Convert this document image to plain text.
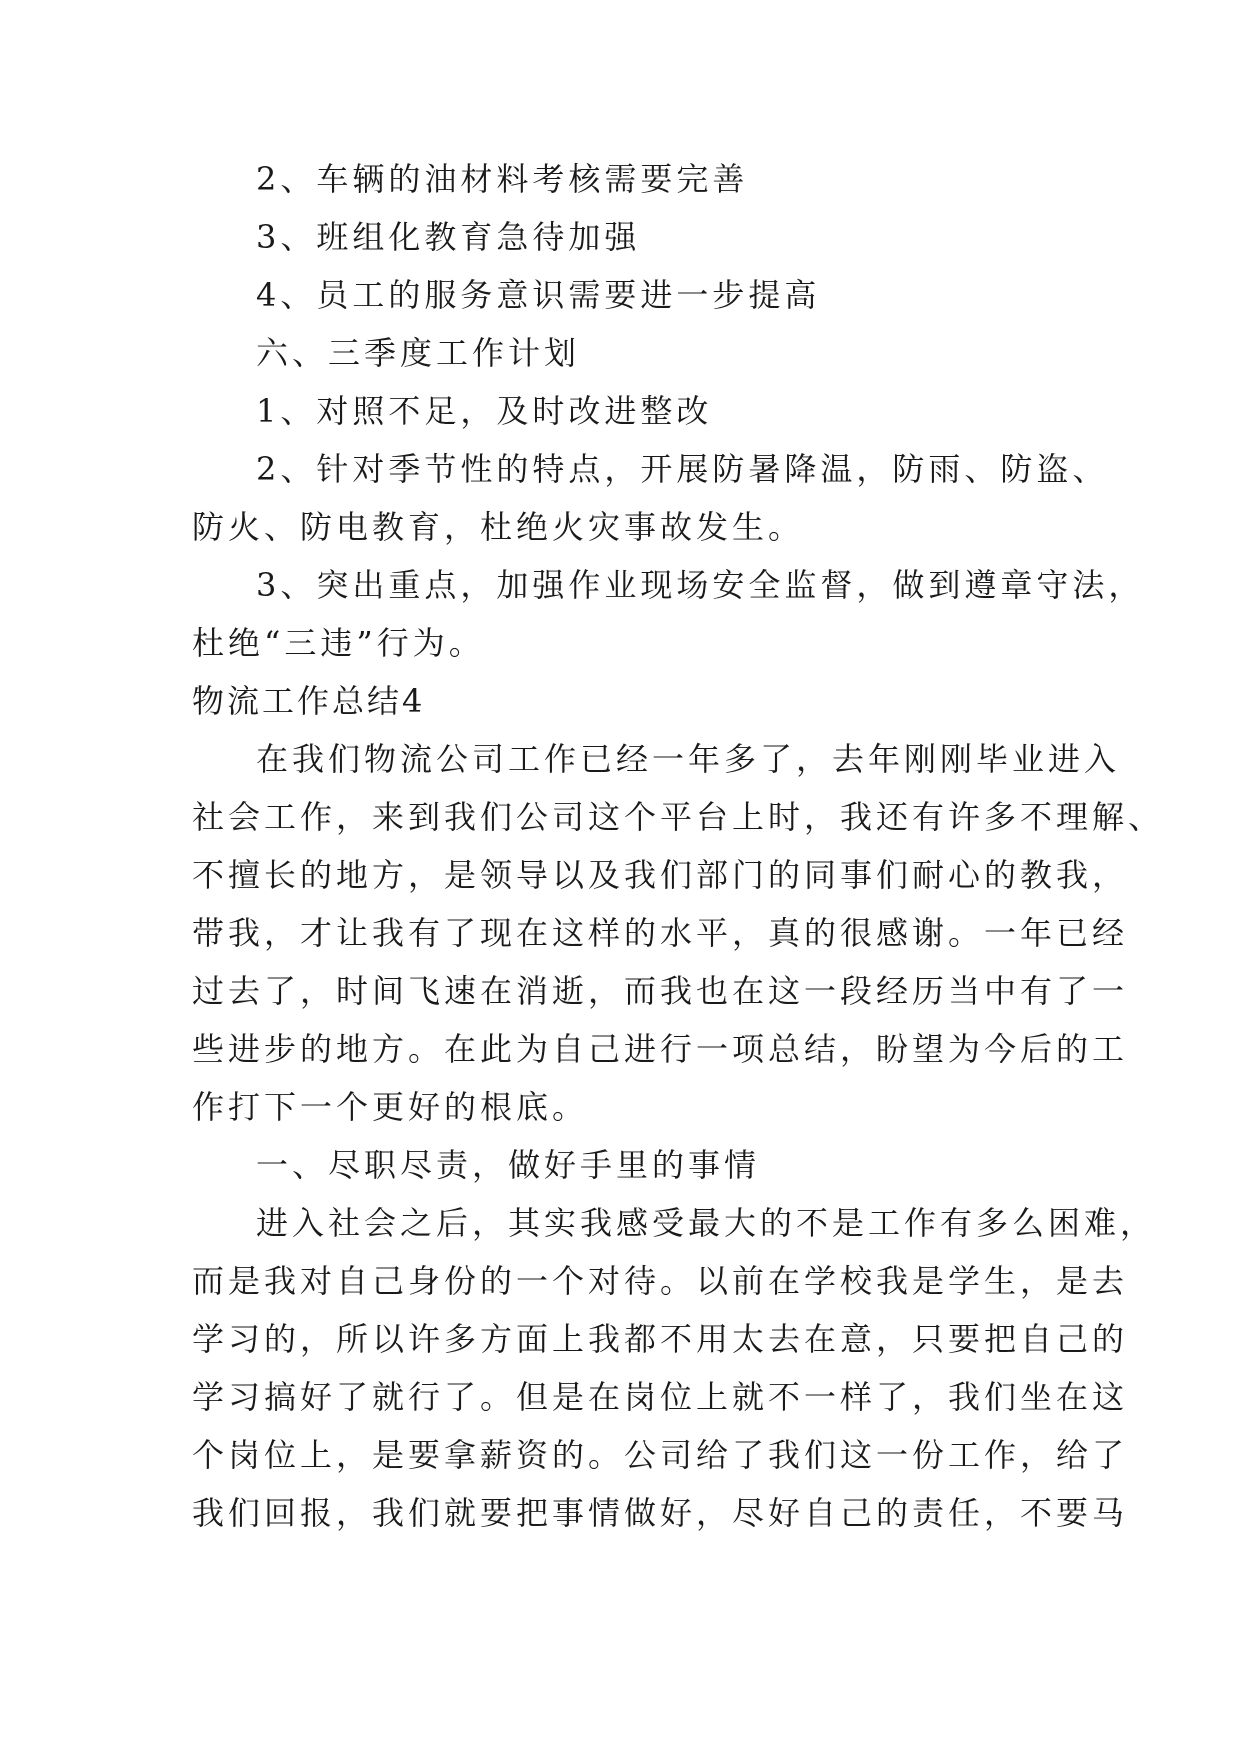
2、车辆的油材料考核需要完善
3、班组化教育急待加强
4、员工的服务意识需要进一步提高
六、三季度工作计划
1、对照不足，及时改进整改
2、针对季节性的特点，开展防暑降温，防雨、防盗、
防火、防电教育，杜绝火灾事故发生。
3、突出重点，加强作业现场安全监督，做到遵章守法，
杜绝“三违”行为。
物流工作总结4
在我们物流公司工作已经一年多了，去年刚刚毕业进入
社会工作，来到我们公司这个平台上时，我还有许多不理解、
不擅长的地方，是领导以及我们部门的同事们耐心的教我，
带我，才让我有了现在这样的水平，真的很感谢。一年已经
过去了，时间飞速在消逝，而我也在这一段经历当中有了一
些进步的地方。在此为自己进行一项总结，盼望为今后的工
作打下一个更好的根底。
一、尽职尽责，做好手里的事情
进入社会之后，其实我感受最大的不是工作有多么困难，
而是我对自己身份的一个对待。以前在学校我是学生，是去
学习的，所以许多方面上我都不用太去在意，只要把自己的
学习搞好了就行了。但是在岗位上就不一样了，我们坐在这
个岗位上，是要拿薪资的。公司给了我们这一份工作，给了
我们回报，我们就要把事情做好，尽好自己的责任，不要马
